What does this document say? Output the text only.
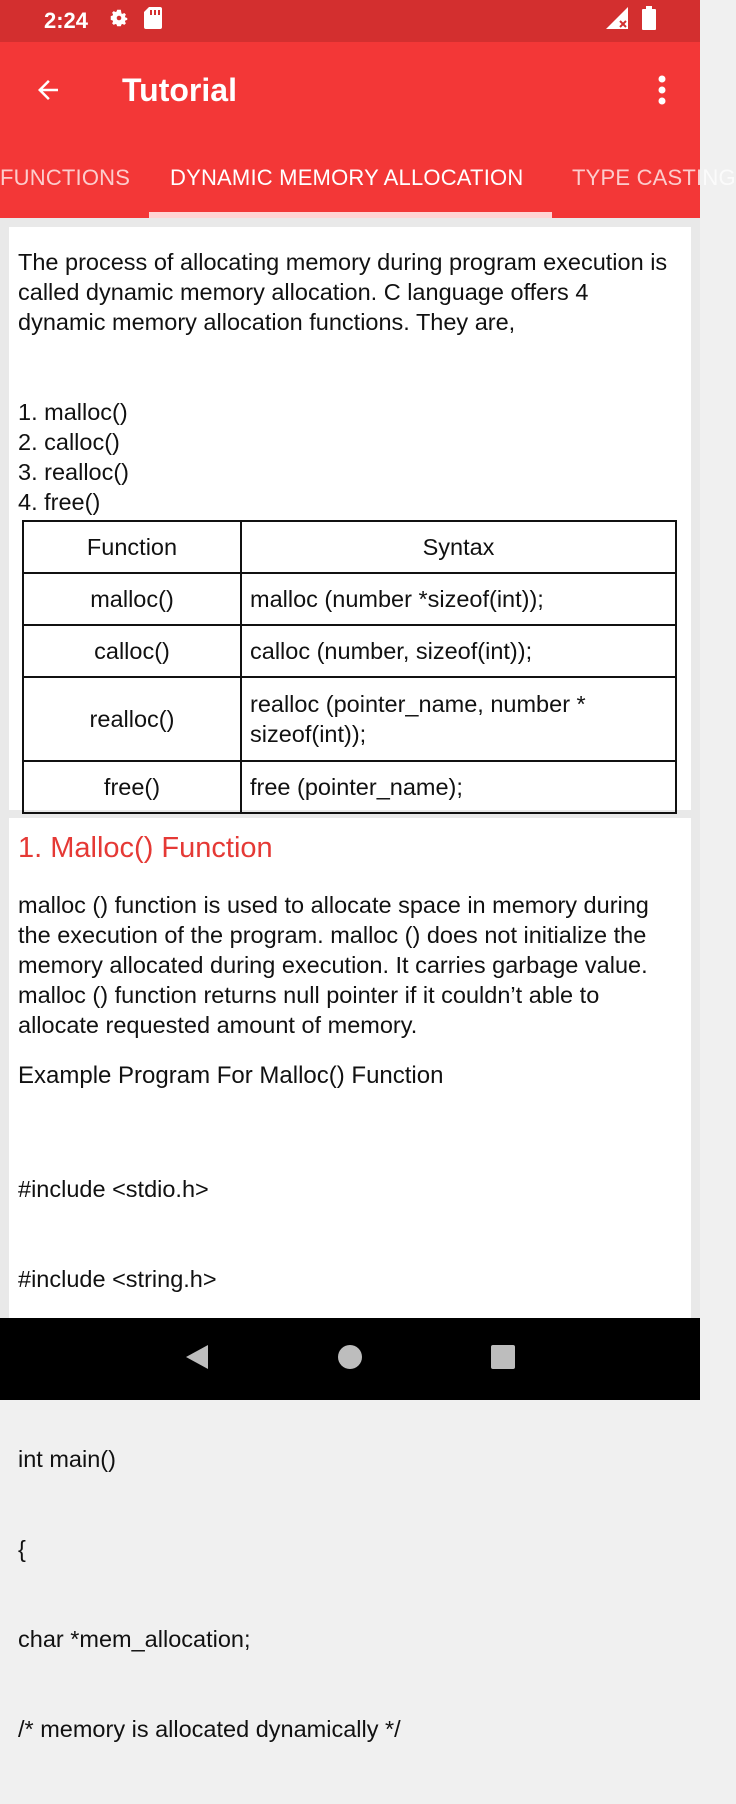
2:24
Tutorial
FUNCTIONS DYNAMIC MEMORY ALLOCATION TYPE CASTING
The process of allocating memory during program execution is called dynamic memory allocation. C language offers 4 dynamic memory allocation functions. They are,
1. malloc()
2. calloc()
3. realloc()
4. free()
Function	Syntax
malloc()	malloc (number *sizeof(int));
calloc()	calloc (number, sizeof(int));
realloc()	realloc (pointer_name, number * sizeof(int));
free()	free (pointer_name);
1. Malloc() Function
malloc () function is used to allocate space in memory during the execution of the program. malloc () does not initialize the memory allocated during execution. It carries garbage value. malloc () function returns null pointer if it couldn’t able to allocate requested amount of memory.
Example Program For Malloc() Function

#include <stdio.h>

#include <string.h>

int main()

{

char *mem_allocation;

/* memory is allocated dynamically */
